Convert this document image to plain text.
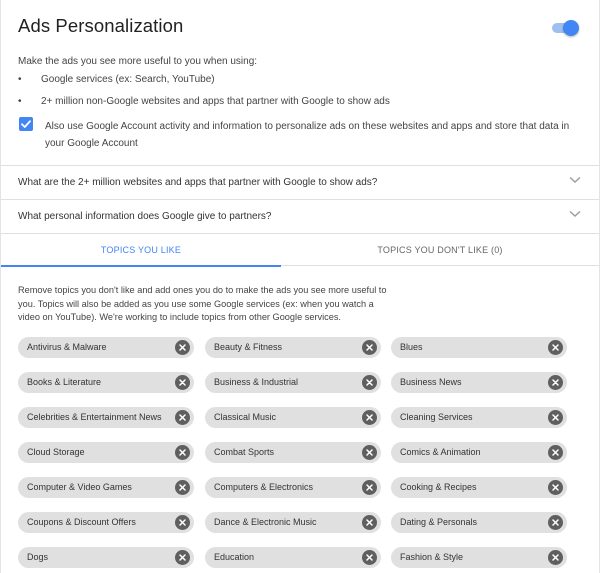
Ads Personalization
Make the ads you see more useful to you when using:
• Google services (ex: Search, YouTube)
• 2+ million non-Google websites and apps that partner with Google to show ads
Also use Google Account activity and information to personalize ads on these websites and apps and store that data in your Google Account
What are the 2+ million websites and apps that partner with Google to show ads?
What personal information does Google give to partners?
TOPICS YOU LIKE	TOPICS YOU DON'T LIKE (0)
Remove topics you don't like and add ones you do to make the ads you see more useful to you. Topics will also be added as you use some Google services (ex: when you watch a video on YouTube). We're working to include topics from other Google services.
Antivirus & Malware	Beauty & Fitness	Blues
Books & Literature	Business & Industrial	Business News
Celebrities & Entertainment News	Classical Music	Cleaning Services
Cloud Storage	Combat Sports	Comics & Animation
Computer & Video Games	Computers & Electronics	Cooking & Recipes
Coupons & Discount Offers	Dance & Electronic Music	Dating & Personals
Dogs	Education	Fashion & Style
